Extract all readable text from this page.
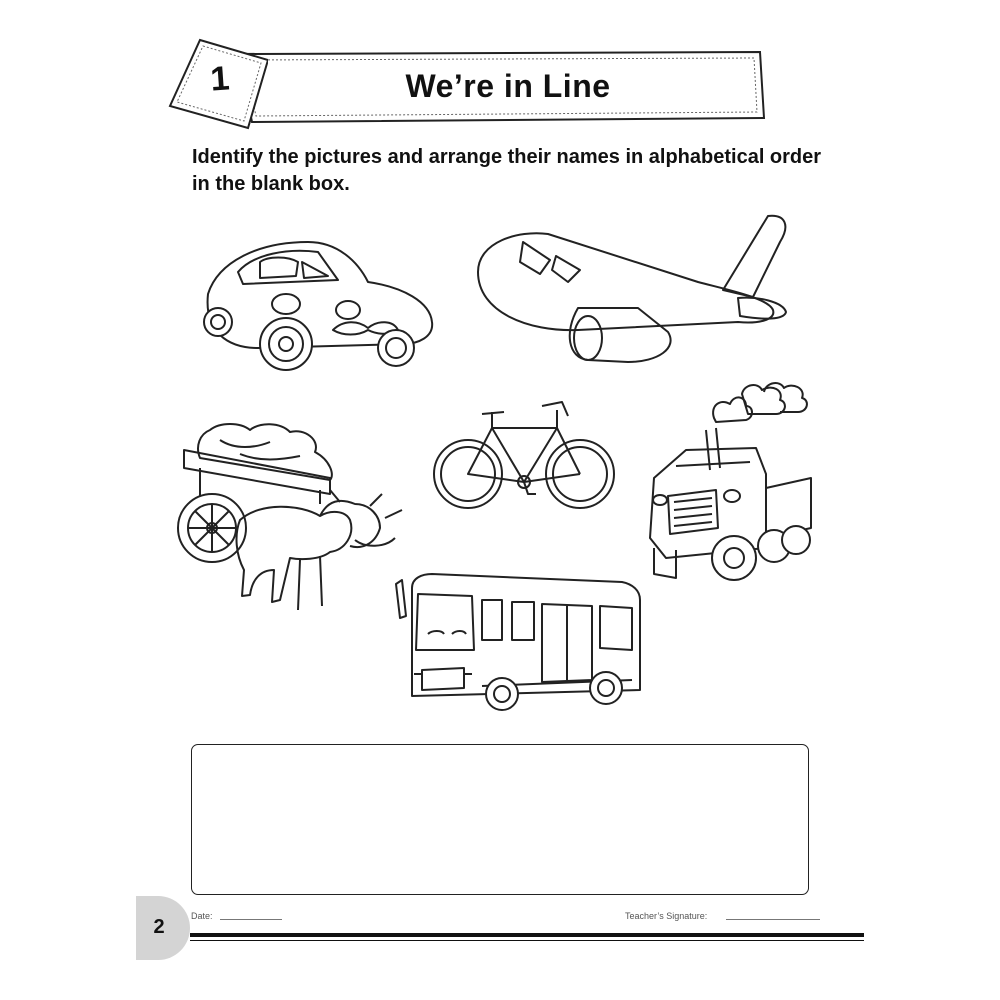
1	We’re in Line
Identify the pictures and arrange their names in alphabetical order in the blank box.
2	Date:	Teacher’s Signature:
